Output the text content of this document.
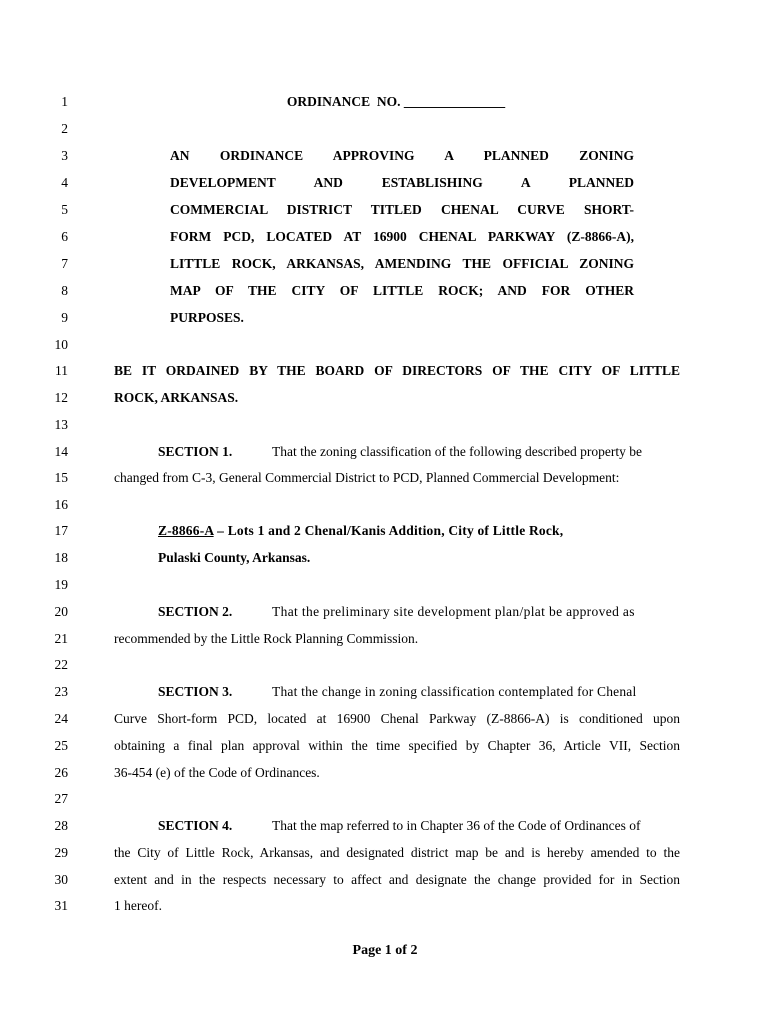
1
2
3
4
5
6
7
8
9
10
11
12
13
14
15
16
17
18
19
20
21
22
23
24
25
26
27
28
29
30
31
ORDINANCE  NO. _______________
AN ORDINANCE APPROVING A PLANNED ZONING
DEVELOPMENT AND ESTABLISHING A PLANNED
COMMERCIAL DISTRICT TITLED CHENAL CURVE SHORT-
FORM PCD, LOCATED AT 16900 CHENAL PARKWAY (Z-8866-A),
LITTLE ROCK, ARKANSAS, AMENDING THE OFFICIAL ZONING
MAP OF THE CITY OF LITTLE ROCK; AND FOR OTHER
PURPOSES.
BE IT ORDAINED BY THE BOARD OF DIRECTORS OF THE CITY OF LITTLE
ROCK, ARKANSAS.
SECTION 1.	That the zoning classification of the following described property be
changed from C-3, General Commercial District to PCD, Planned Commercial Development:
Z-8866-A – Lots 1 and 2 Chenal/Kanis Addition, City of Little Rock,
Pulaski County, Arkansas.
SECTION 2.	That the preliminary site development plan/plat be approved as
recommended by the Little Rock Planning Commission.
SECTION 3.	That the change in zoning classification contemplated for Chenal
Curve Short-form PCD, located at 16900 Chenal Parkway (Z-8866-A) is conditioned upon
obtaining a final plan approval within the time specified by Chapter 36, Article VII, Section
36-454 (e) of the Code of Ordinances.
SECTION 4.	That the map referred to in Chapter 36 of the Code of Ordinances of
the City of Little Rock, Arkansas, and designated district map be and is hereby amended to the
extent and in the respects necessary to affect and designate the change provided for in Section
1 hereof.
Page 1 of 2
